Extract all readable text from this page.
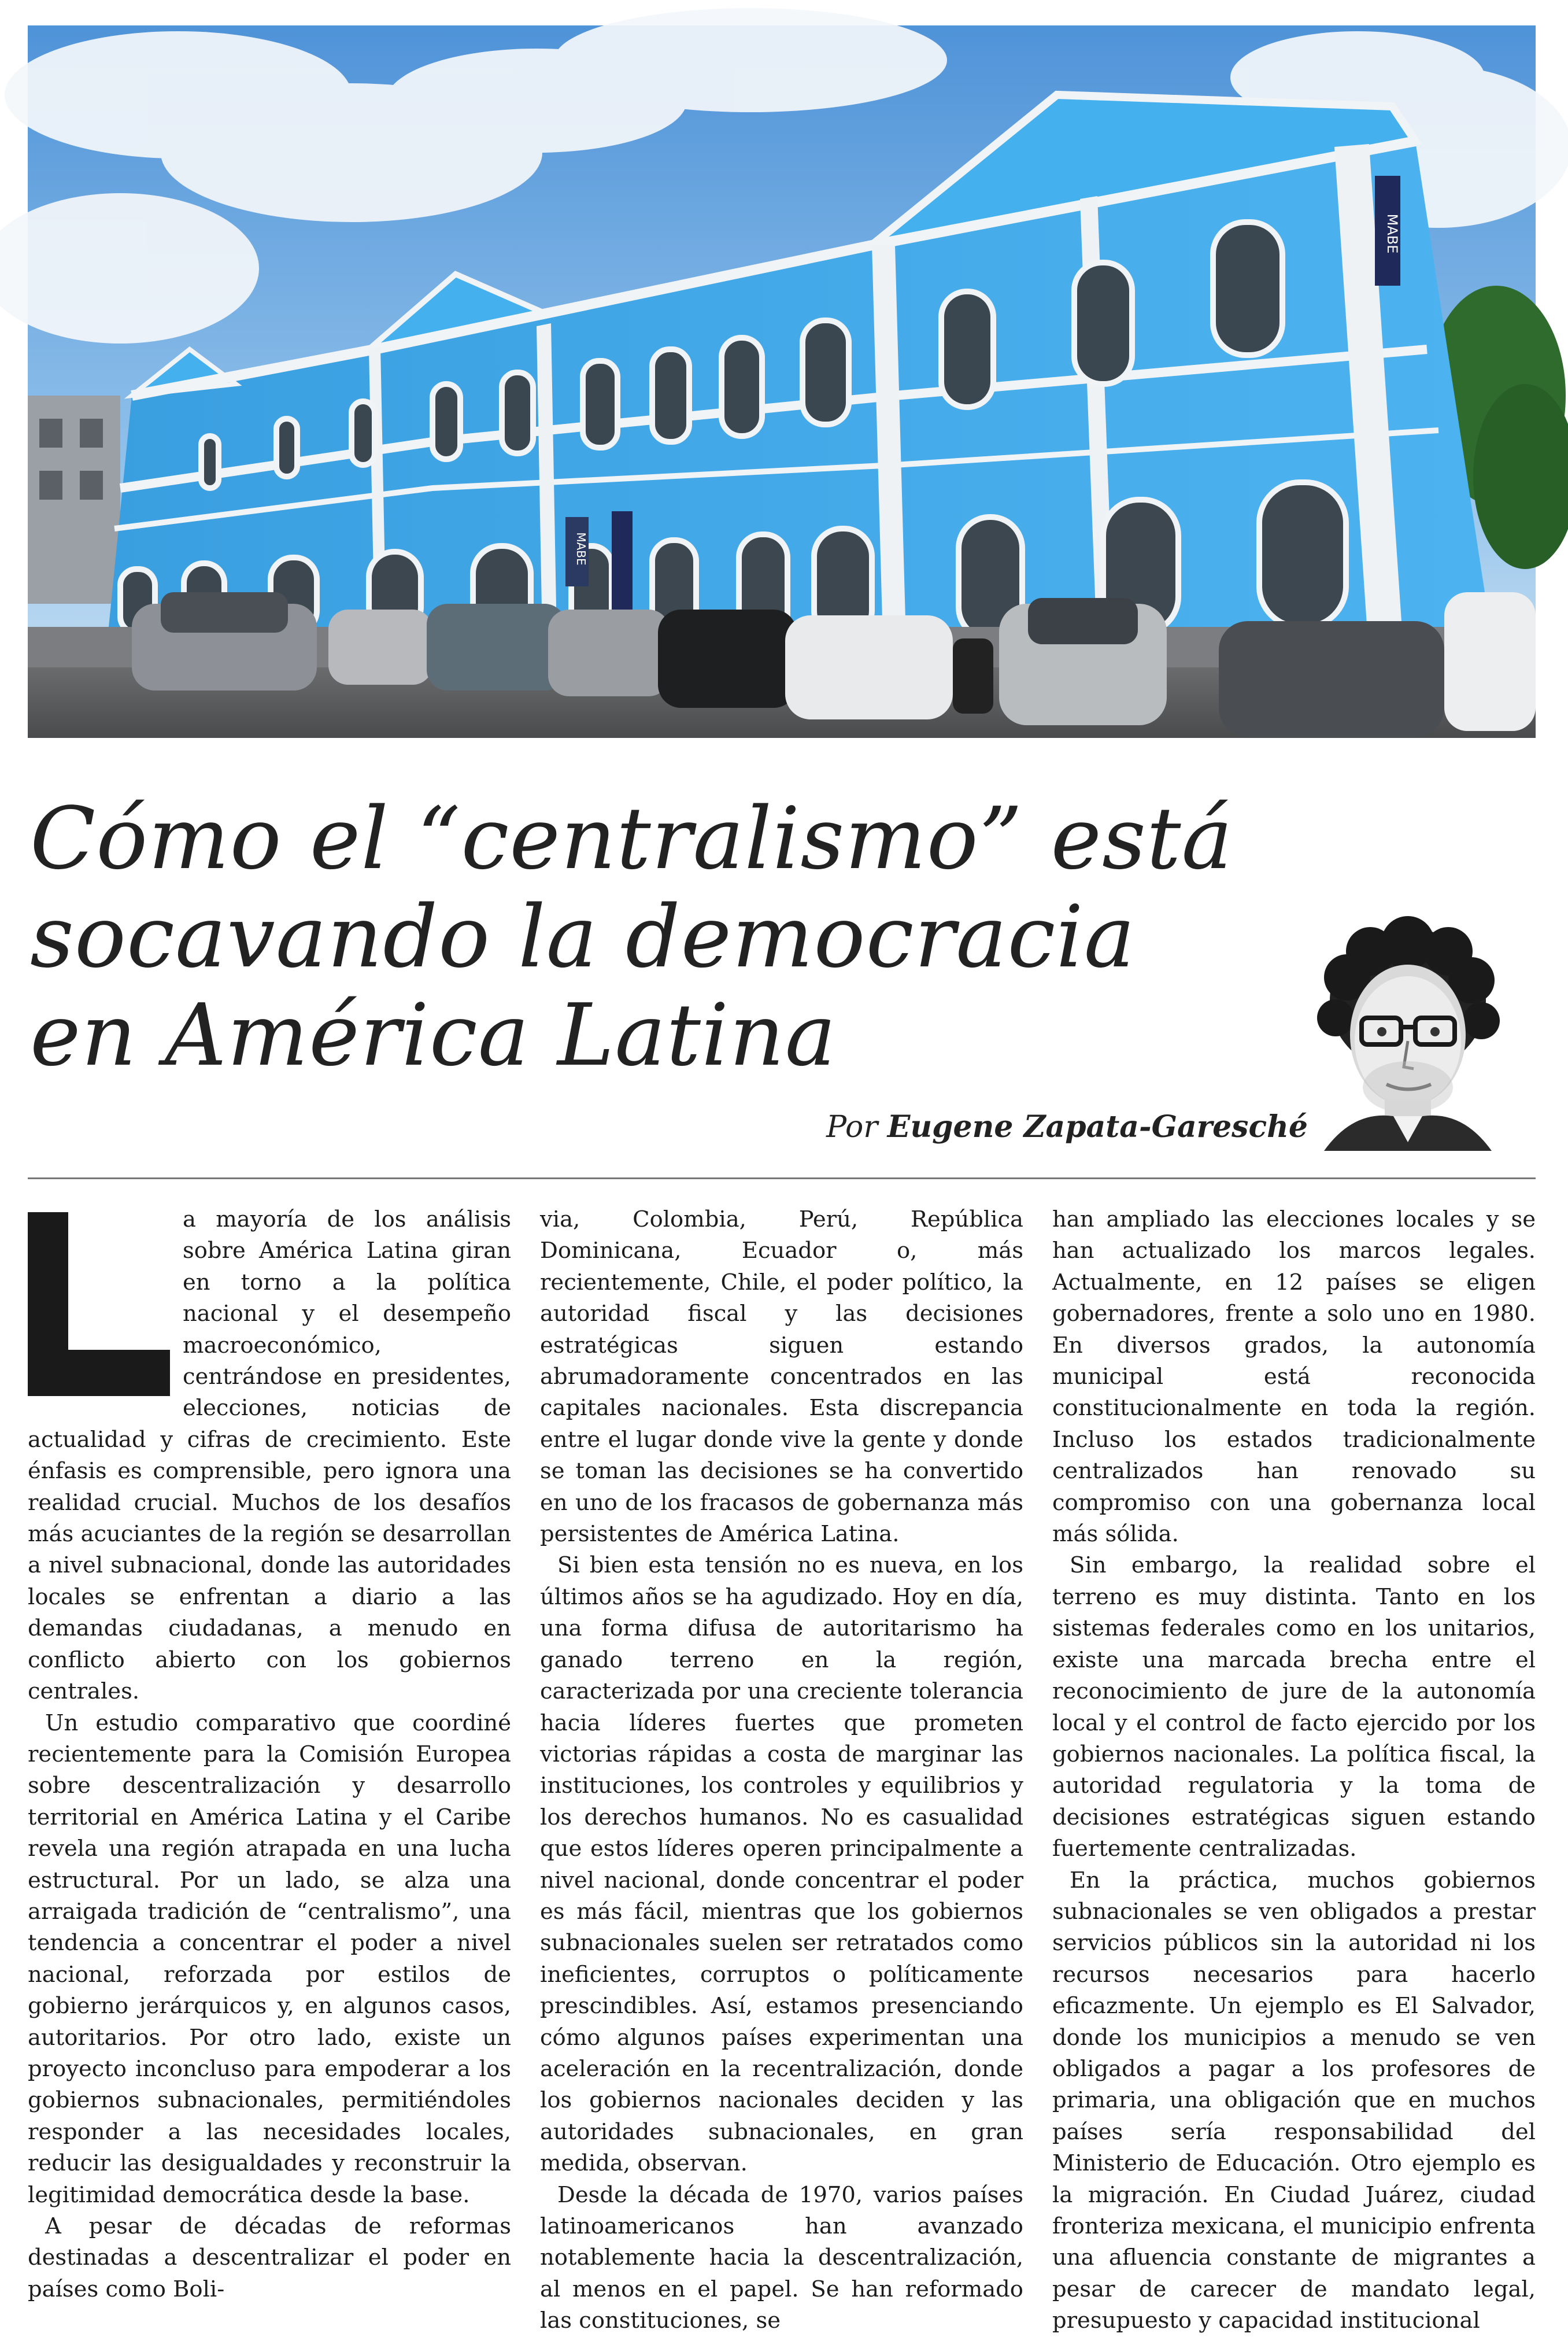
MABE
MABE
Cómo el “centralismo” está
socavando la democracia
en América Latina
Por Eugene Zapata-Garesché

a mayoría de los análisis sobre América Latina giran en torno a la política nacional y el desempeño macroeconómico, centrándose en presidentes, elecciones, noticias de actualidad y cifras de crecimiento. Este énfasis es comprensible, pero ignora una realidad crucial. Muchos de los desafíos más acuciantes de la región se desarrollan a nivel subnacional, donde las autoridades locales se enfrentan a diario a las demandas ciudadanas, a menudo en conflicto abierto con los gobiernos centrales.

Un estudio comparativo que coordiné recientemente para la Comisión Europea sobre descentralización y desarrollo territorial en América Latina y el Caribe revela una región atrapada en una lucha estructural. Por un lado, se alza una arraigada tradición de “centralismo”, una tendencia a concentrar el poder a nivel nacional, reforzada por estilos de gobierno jerárquicos y, en algunos casos, autoritarios. Por otro lado, existe un proyecto inconcluso para empoderar a los gobiernos subnacionales, permitiéndoles responder a las necesidades locales, reducir las desigualdades y reconstruir la legitimidad democrática desde la base.

A pesar de décadas de reformas destinadas a descentralizar el poder en países como Boli-

via, Colombia, Perú, República Dominicana, Ecuador o, más recientemente, Chile, el poder político, la autoridad fiscal y las decisiones estratégicas siguen estando abrumadoramente concentrados en las capitales nacionales. Esta discrepancia entre el lugar donde vive la gente y donde se toman las decisiones se ha convertido en uno de los fracasos de gobernanza más persistentes de América Latina.

Si bien esta tensión no es nueva, en los últimos años se ha agudizado. Hoy en día, una forma difusa de autoritarismo ha ganado terreno en la región, caracterizada por una creciente tolerancia hacia líderes fuertes que prometen victorias rápidas a costa de marginar las instituciones, los controles y equilibrios y los derechos humanos. No es casualidad que estos líderes operen principalmente a nivel nacional, donde concentrar el poder es más fácil, mientras que los gobiernos subnacionales suelen ser retratados como ineficientes, corruptos o políticamente prescindibles. Así, estamos presenciando cómo algunos países experimentan una aceleración en la recentralización, donde los gobiernos nacionales deciden y las autoridades subnacionales, en gran medida, observan.

Desde la década de 1970, varios países latinoamericanos han avanzado notablemente hacia la descentralización, al menos en el papel. Se han reformado las constituciones, se

han ampliado las elecciones locales y se han actualizado los marcos legales. Actualmente, en 12 países se eligen gobernadores, frente a solo uno en 1980. En diversos grados, la autonomía municipal está reconocida constitucionalmente en toda la región. Incluso los estados tradicionalmente centralizados han renovado su compromiso con una gobernanza local más sólida.

Sin embargo, la realidad sobre el terreno es muy distinta. Tanto en los sistemas federales como en los unitarios, existe una marcada brecha entre el reconocimiento de jure de la autonomía local y el control de facto ejercido por los gobiernos nacionales. La política fiscal, la autoridad regulatoria y la toma de decisiones estratégicas siguen estando fuertemente centralizadas.

En la práctica, muchos gobiernos subnacionales se ven obligados a prestar servicios públicos sin la autoridad ni los recursos necesarios para hacerlo eficazmente. Un ejemplo es El Salvador, donde los municipios a menudo se ven obligados a pagar a los profesores de primaria, una obligación que en muchos países sería responsabilidad del Ministerio de Educación. Otro ejemplo es la migración. En Ciudad Juárez, ciudad fronteriza mexicana, el municipio enfrenta una afluencia constante de migrantes a pesar de carecer de mandato legal, presupuesto y capacidad institucional
